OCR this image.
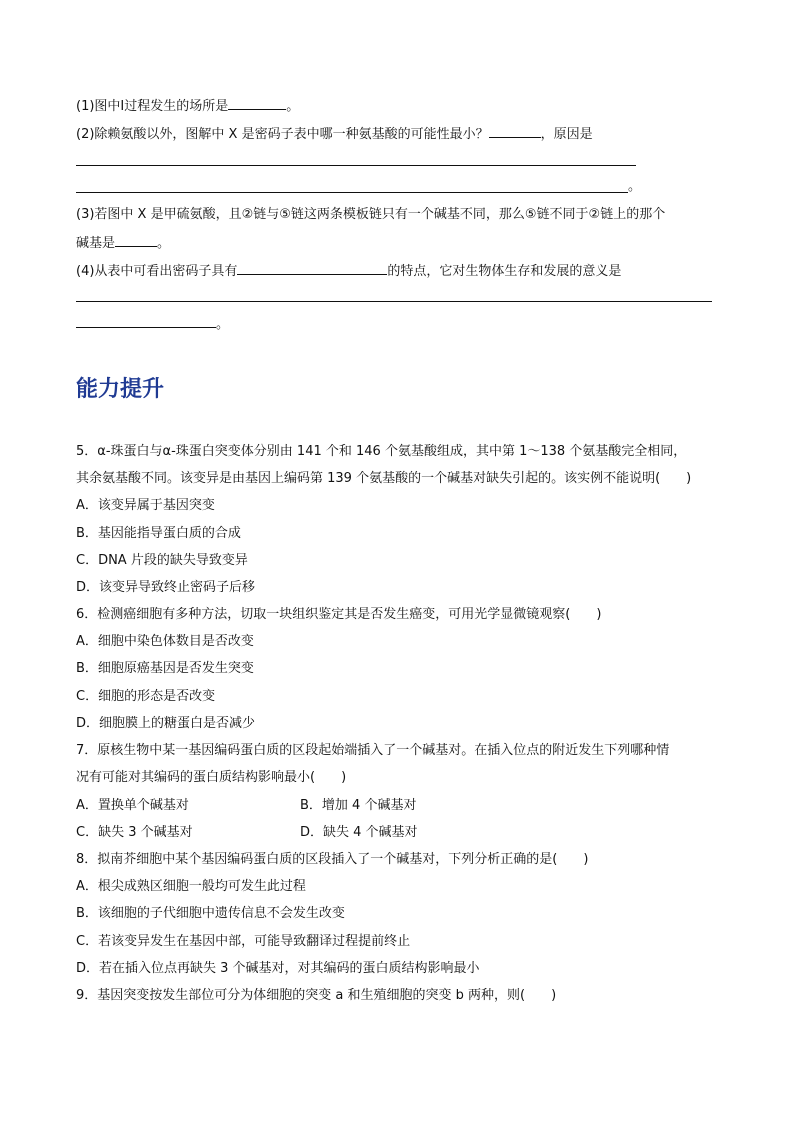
(1)图中Ⅰ过程发生的场所是	。
(2)除赖氨酸以外，图解中 X 是密码子表中哪一种氨基酸的可能性最小？	，原因是
。
(3)若图中 X 是甲硫氨酸，且②链与⑤链这两条模板链只有一个碱基不同，那么⑤链不同于②链上的那个
碱基是	。
(4)从表中可看出密码子具有	的特点，它对生物体生存和发展的意义是
。
能力提升
5．α-珠蛋白与α-珠蛋白突变体分别由 141 个和 146 个氨基酸组成，其中第 1～138 个氨基酸完全相同，
其余氨基酸不同。该变异是由基因上编码第 139 个氨基酸的一个碱基对缺失引起的。该实例不能说明( )
A．该变异属于基因突变
B．基因能指导蛋白质的合成
C．DNA 片段的缺失导致变异
D．该变异导致终止密码子后移
6．检测癌细胞有多种方法，切取一块组织鉴定其是否发生癌变，可用光学显微镜观察( )
A．细胞中染色体数目是否改变
B．细胞原癌基因是否发生突变
C．细胞的形态是否改变
D．细胞膜上的糖蛋白是否减少
7．原核生物中某一基因编码蛋白质的区段起始端插入了一个碱基对。在插入位点的附近发生下列哪种情
况有可能对其编码的蛋白质结构影响最小( )
A．置换单个碱基对	B．增加 4 个碱基对
C．缺失 3 个碱基对	D．缺失 4 个碱基对
8．拟南芥细胞中某个基因编码蛋白质的区段插入了一个碱基对，下列分析正确的是( )
A．根尖成熟区细胞一般均可发生此过程
B．该细胞的子代细胞中遗传信息不会发生改变
C．若该变异发生在基因中部，可能导致翻译过程提前终止
D．若在插入位点再缺失 3 个碱基对，对其编码的蛋白质结构影响最小
9．基因突变按发生部位可分为体细胞的突变 a 和生殖细胞的突变 b 两种，则( )
